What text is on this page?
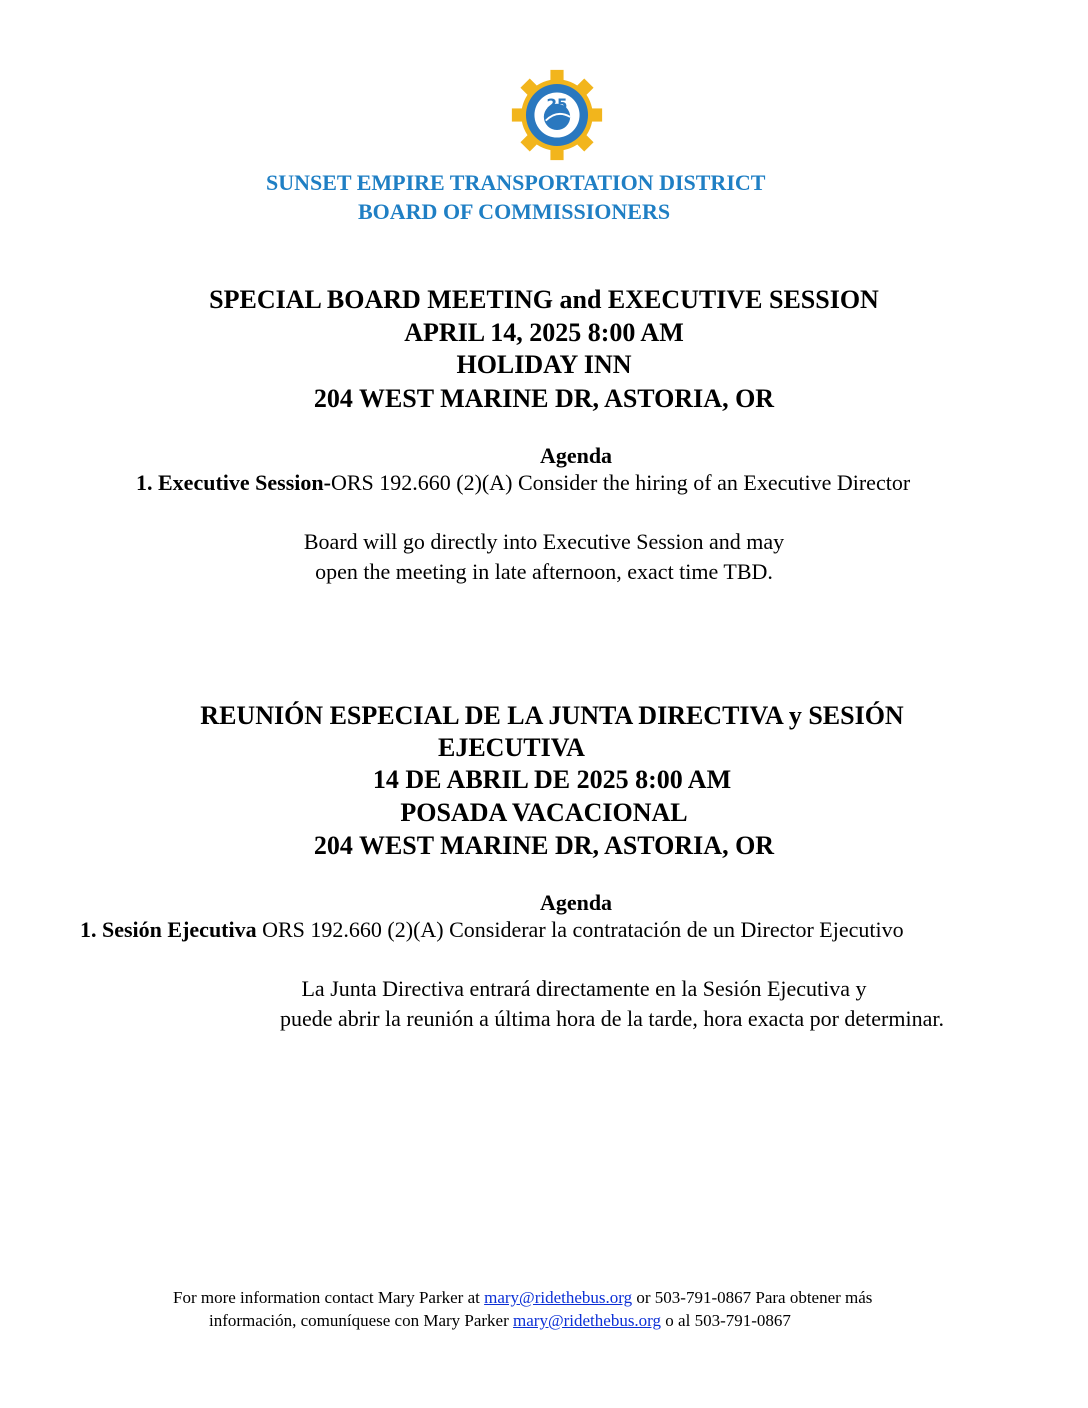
25
SUNSET EMPIRE TRANSPORTATION DISTRICT
BOARD OF COMMISSIONERS
SPECIAL BOARD MEETING and EXECUTIVE SESSION
APRIL 14, 2025 8:00 AM
HOLIDAY INN
204 WEST MARINE DR, ASTORIA, OR
Agenda
1. Executive Session-ORS 192.660 (2)(A) Consider the hiring of an Executive Director
Board will go directly into Executive Session and may
open the meeting in late afternoon, exact time TBD.
REUNIÓN ESPECIAL DE LA JUNTA DIRECTIVA y SESIÓN
EJECUTIVA
14 DE ABRIL DE 2025 8:00 AM
POSADA VACACIONAL
204 WEST MARINE DR, ASTORIA, OR
Agenda
1. Sesión Ejecutiva ORS 192.660 (2)(A) Considerar la contratación de un Director Ejecutivo
La Junta Directiva entrará directamente en la Sesión Ejecutiva y
puede abrir la reunión a última hora de la tarde, hora exacta por determinar.
For more information contact Mary Parker at mary@ridethebus.org or 503-791-0867 Para obtener más
información, comuníquese con Mary Parker mary@ridethebus.org o al 503-791-0867
